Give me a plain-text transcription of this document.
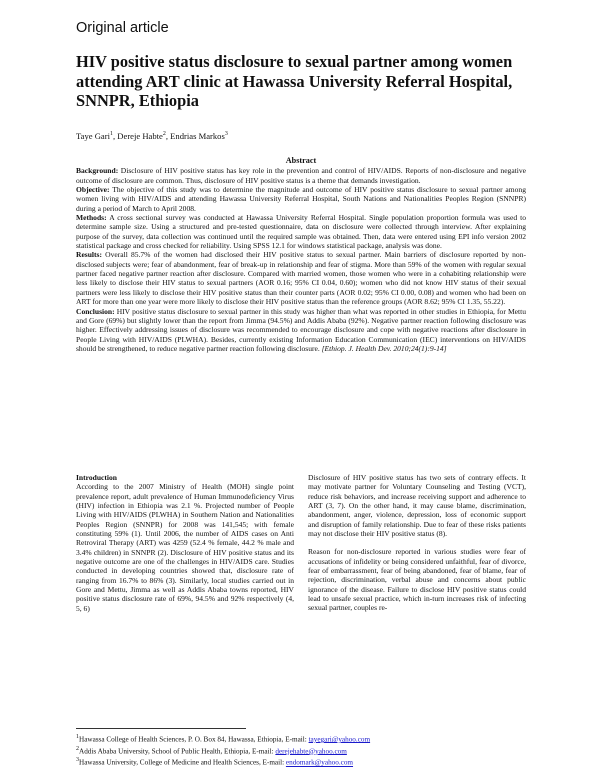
Original article
HIV positive status disclosure to sexual partner among women attending ART clinic at Hawassa University Referral Hospital, SNNPR, Ethiopia
Taye Gari$^1$, Dereje Habte$^2$, Endrias Markos$^3$
Abstract

Background: Disclosure of HIV positive status has key role in the prevention and control of HIV/AIDS. Reports of non-disclosure and negative outcome of disclosure are common. Thus, disclosure of HIV positive status is a theme that demands investigation.

Objective: The objective of this study was to determine the magnitude and outcome of HIV positive status disclosure to sexual partner among women living with HIV/AIDS and attending Hawassa University Referral Hospital, South Nations and Nationalities Peoples Region (SNNPR) during a period of March to April 2008.

Methods: A cross sectional survey was conducted at Hawassa University Referral Hospital. Single population proportion formula was used to determine sample size. Using a structured and pre-tested questionnaire, data on disclosure were collected through interview. After explaining purpose of the survey, data collection was continued until the required sample was obtained. Then, data were entered using EPI info version 2002 statistical package and cross checked for reliability. Using SPSS 12.1 for windows statistical package, analysis was done.

Results: Overall 85.7% of the women had disclosed their HIV positive status to sexual partner. Main barriers of disclosure reported by non-disclosed subjects were; fear of abandonment, fear of break-up in relationship and fear of stigma. More than 59% of the women with regular sexual partner faced negative partner reaction after disclosure. Compared with married women, those women who were in a cohabiting relationship were less likely to disclose their HIV status to sexual partners (AOR 0.16; 95% CI 0.04, 0.60); women who did not know HIV status of their sexual partners were less likely to disclose their HIV positive status than their counter parts (AOR 0.02; 95% CI 0.00, 0.08) and women who had been on ART for more than one year were more likely to disclose their HIV positive status than the reference groups (AOR 8.62; 95% CI 1.35, 55.22).

Conclusion: HIV positive status disclosure to sexual partner in this study was higher than what was reported in other studies in Ethiopia, for Mettu and Gore (69%) but slightly lower than the report from Jimma (94.5%) and Addis Ababa (92%). Negative partner reaction following disclosure was higher. Effectively addressing issues of disclosure was recommended to encourage disclosure and cope with negative reactions after disclosure in People Living with HIV/AIDS (PLWHA). Besides, currently existing Information Education Communication (IEC) interventions on HIV/AIDS should be strengthened, to reduce negative partner reaction following disclosure. [Ethiop. J. Health Dev. 2010;24(1):9-14]

Introduction

According to the 2007 Ministry of Health (MOH) single point prevalence report, adult prevalence of Human Immunodeficiency Virus (HIV) infection in Ethiopia was 2.1 %. Projected number of People Living with HIV/AIDS (PLWHA) in Southern Nation and Nationalities Peoples Region (SNNPR) for 2008 was 141,545; with female constituting 59% (1). Until 2006, the number of AIDS cases on Anti Retroviral Therapy (ART) was 4259 (52.4 % female, 44.2 % male and 3.4% children) in SNNPR (2). Disclosure of HIV positive status and its negative outcome are one of the challenges in HIV/AIDS care. Studies conducted in developing countries showed that, disclosure rate of ranging from 16.7% to 86% (3). Similarly, local studies carried out in Gore and Mettu, Jimma as well as Addis Ababa towns reported, HIV positive status disclosure rate of 69%, 94.5% and 92% respectively (4, 5, 6)

Disclosure of HIV positive status has two sets of contrary effects. It may motivate partner for Voluntary Counseling and Testing (VCT), reduce risk behaviors, and increase receiving support and adherence to ART (3, 7). On the other hand, it may cause blame, discrimination, abandonment, anger, violence, depression, loss of economic support and disruption of family relationship. Due to fear of these risks patients may not disclose their HIV positive status (8).

Reason for non-disclosure reported in various studies were fear of accusations of infidelity or being considered unfaithful, fear of divorce, fear of embarrassment, fear of being abandoned, fear of blame, fear of rejection, discrimination, verbal abuse and concerns about public ignorance of the disease. Failure to disclose HIV positive status could lead to unsafe sexual practice, which in-turn increases risk of infecting sexual partner, couples re-

$^1$Hawassa College of Health Sciences, P. O. Box 84, Hawassa, Ethiopia, E-mail: tayegari@yahoo.com
$^2$Addis Ababa University, School of Public Health, Ethiopia, E-mail: derejehabte@yahoo.com
$^3$Hawassa University, College of Medicine and Health Sciences, E-mail: endomark@yahoo.com
